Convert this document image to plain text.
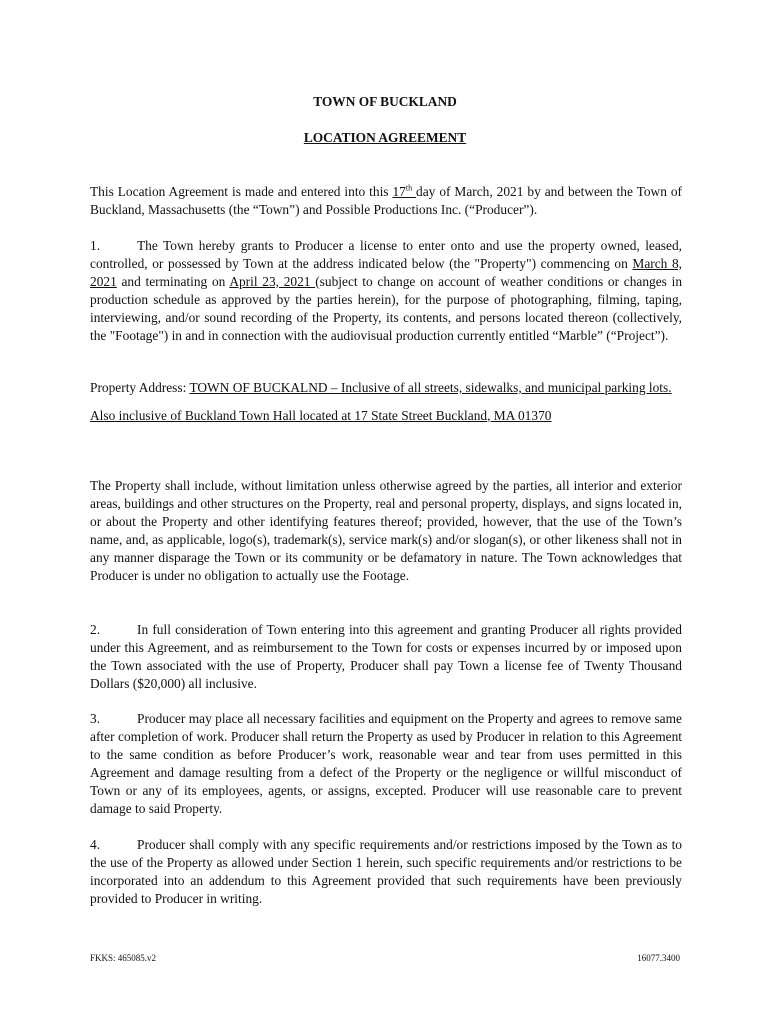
TOWN OF BUCKLAND
LOCATION AGREEMENT
This Location Agreement is made and entered into this 17th day of March, 2021 by and between the Town of Buckland, Massachusetts (the “Town”) and Possible Productions Inc. (“Producer”).
1.	The Town hereby grants to Producer a license to enter onto and use the property owned, leased, controlled, or possessed by Town at the address indicated below (the "Property") commencing on March 8, 2021 and terminating on April 23, 2021 (subject to change on account of weather conditions or changes in production schedule as approved by the parties herein), for the purpose of photographing, filming, taping, interviewing, and/or sound recording of the Property, its contents, and persons located thereon (collectively, the "Footage") in and in connection with the audiovisual production currently entitled “Marble” (“Project”).
Property Address: TOWN OF BUCKALND – Inclusive of all streets, sidewalks, and municipal parking lots. Also inclusive of Buckland Town Hall located at 17 State Street Buckland, MA 01370
The Property shall include, without limitation unless otherwise agreed by the parties, all interior and exterior areas, buildings and other structures on the Property, real and personal property, displays, and signs located in, or about the Property and other identifying features thereof; provided, however, that the use of the Town’s name, and, as applicable, logo(s), trademark(s), service mark(s) and/or slogan(s), or other likeness shall not in any manner disparage the Town or its community or be defamatory in nature. The Town acknowledges that Producer is under no obligation to actually use the Footage.
2.	In full consideration of Town entering into this agreement and granting Producer all rights provided under this Agreement, and as reimbursement to the Town for costs or expenses incurred by or imposed upon the Town associated with the use of Property, Producer shall pay Town a license fee of Twenty Thousand Dollars ($20,000) all inclusive.
3.	Producer may place all necessary facilities and equipment on the Property and agrees to remove same after completion of work. Producer shall return the Property as used by Producer in relation to this Agreement to the same condition as before Producer’s work, reasonable wear and tear from uses permitted in this Agreement and damage resulting from a defect of the Property or the negligence or willful misconduct of Town or any of its employees, agents, or assigns, excepted. Producer will use reasonable care to prevent damage to said Property.
4.	Producer shall comply with any specific requirements and/or restrictions imposed by the Town as to the use of the Property as allowed under Section 1 herein, such specific requirements and/or restrictions to be incorporated into an addendum to this Agreement provided that such requirements have been previously provided to Producer in writing.
FKKS: 465085.v2	16077.3400
